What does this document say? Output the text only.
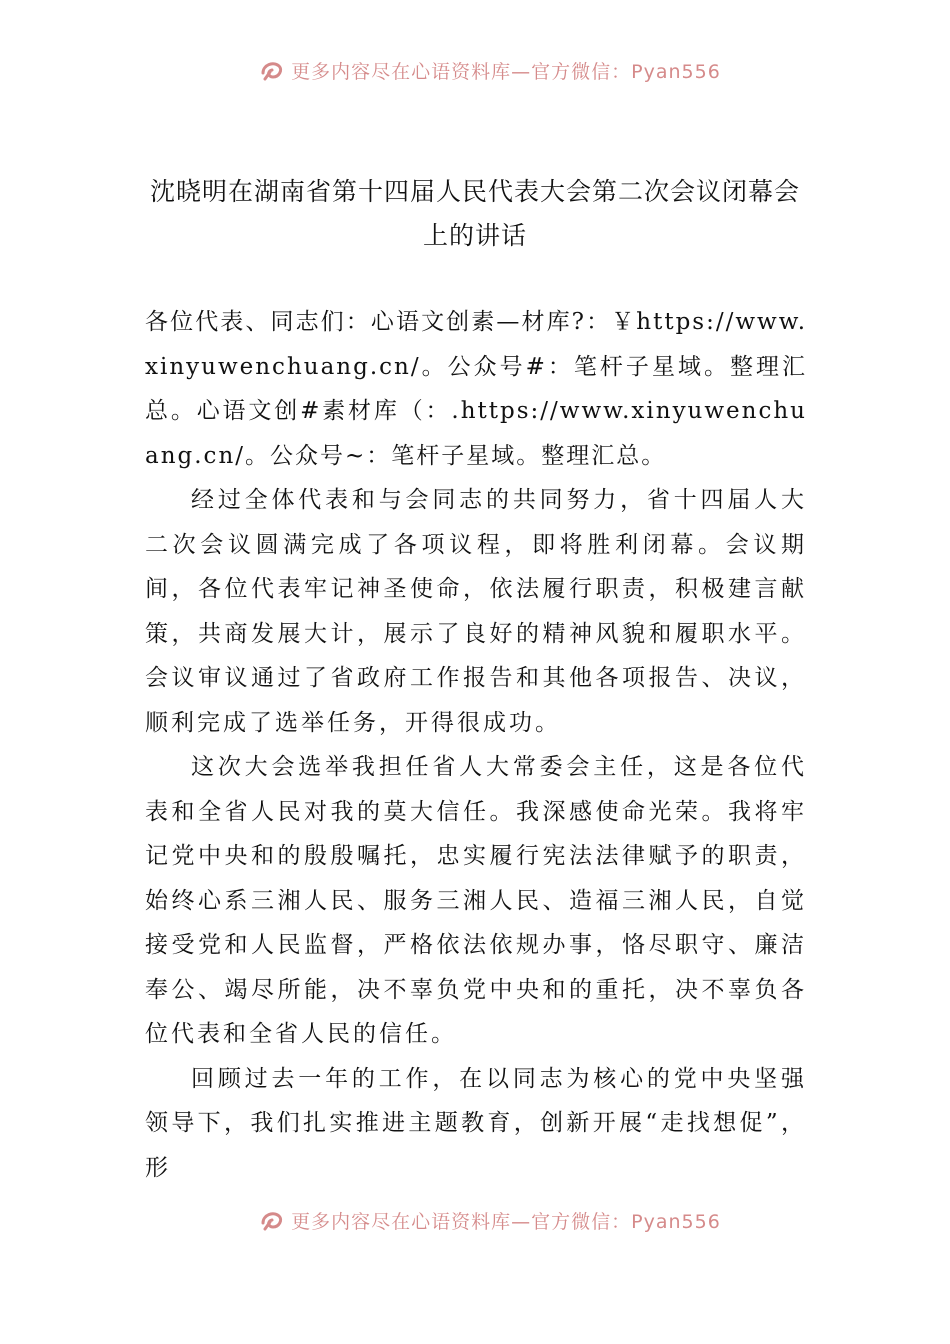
更多内容尽在心语资料库—官方微信：Pyan556
沈晓明在湖南省第十四届人民代表大会第二次会议闭幕会
上的讲话

各位代表、同志们：心语文创素—材库?：￥https://www.xinyuwenchuang.cn/。公众号#：笔杆子星域。整理汇总。心语文创#素材库（：.https://www.xinyuwenchuang.cn/。公众号~：笔杆子星域。整理汇总。

经过全体代表和与会同志的共同努力，省十四届人大二次会议圆满完成了各项议程，即将胜利闭幕。会议期间，各位代表牢记神圣使命，依法履行职责，积极建言献策，共商发展大计，展示了良好的精神风貌和履职水平。会议审议通过了省政府工作报告和其他各项报告、决议，顺利完成了选举任务，开得很成功。

这次大会选举我担任省人大常委会主任，这是各位代表和全省人民对我的莫大信任。我深感使命光荣。我将牢记党中央和的殷殷嘱托，忠实履行宪法法律赋予的职责，始终心系三湘人民、服务三湘人民、造福三湘人民，自觉接受党和人民监督，严格依法依规办事，恪尽职守、廉洁奉公、竭尽所能，决不辜负党中央和的重托，决不辜负各位代表和全省人民的信任。

回顾过去一年的工作，在以同志为核心的党中央坚强领导下，我们扎实推进主题教育，创新开展“走找想促”，形

更多内容尽在心语资料库—官方微信：Pyan556
